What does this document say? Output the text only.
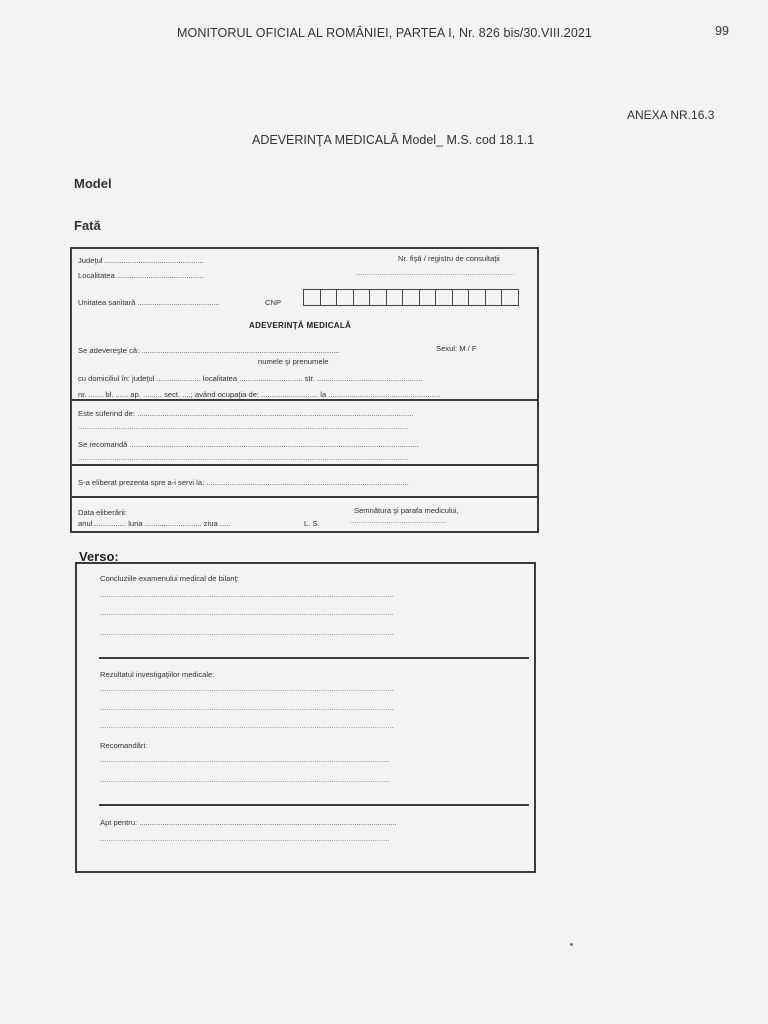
MONITORUL OFICIAL AL ROMÂNIEI, PARTEA I, Nr. 826 bis/30.VIII.2021	99
ANEXA NR.16.3
ADEVERINŢA MEDICALĂ Model_ M.S. cod 18.1.1
Model
Fată
Judeţul ...............................................
Localitatea .........................................
Nr. fişă / registru de consultaţii
..........................................................................
Unitatea sanitară .......................................	CNP
ADEVERINŢĂ MEDICALĂ
Se adevereşte că: ..............................................................................................	Sexul: M / F
numele şi prenumele
cu domiciliul în: judeţul ..................... localitatea .............................. str. ..................................................
nr. ....... bl. ...... ap. ......... sect. ....; având ocupaţia de: ........................... la .....................................................
Este suferind de: ...................................................................................................................................
..........................................................................................................................................................
Se recomandă .........................................................................................................................................
..........................................................................................................................................................
S-a eliberat prezenta spre a-i servi la: ................................................................................................
Data eliberării:
anul ............... luna ........................... ziua .....	L. S.
Semnătura şi parafa medicului,
.............................................
Verso:
Concluziile examenului medical de bilanţ:
.........................................................................................................................................
.........................................................................................................................................
.........................................................................................................................................
Rezultatul investigaţiilor medicale:
.........................................................................................................................................
.........................................................................................................................................
.........................................................................................................................................
Recomandări:
.......................................................................................................................................
.......................................................................................................................................
Apt pentru: ..........................................................................................................................
.......................................................................................................................................
